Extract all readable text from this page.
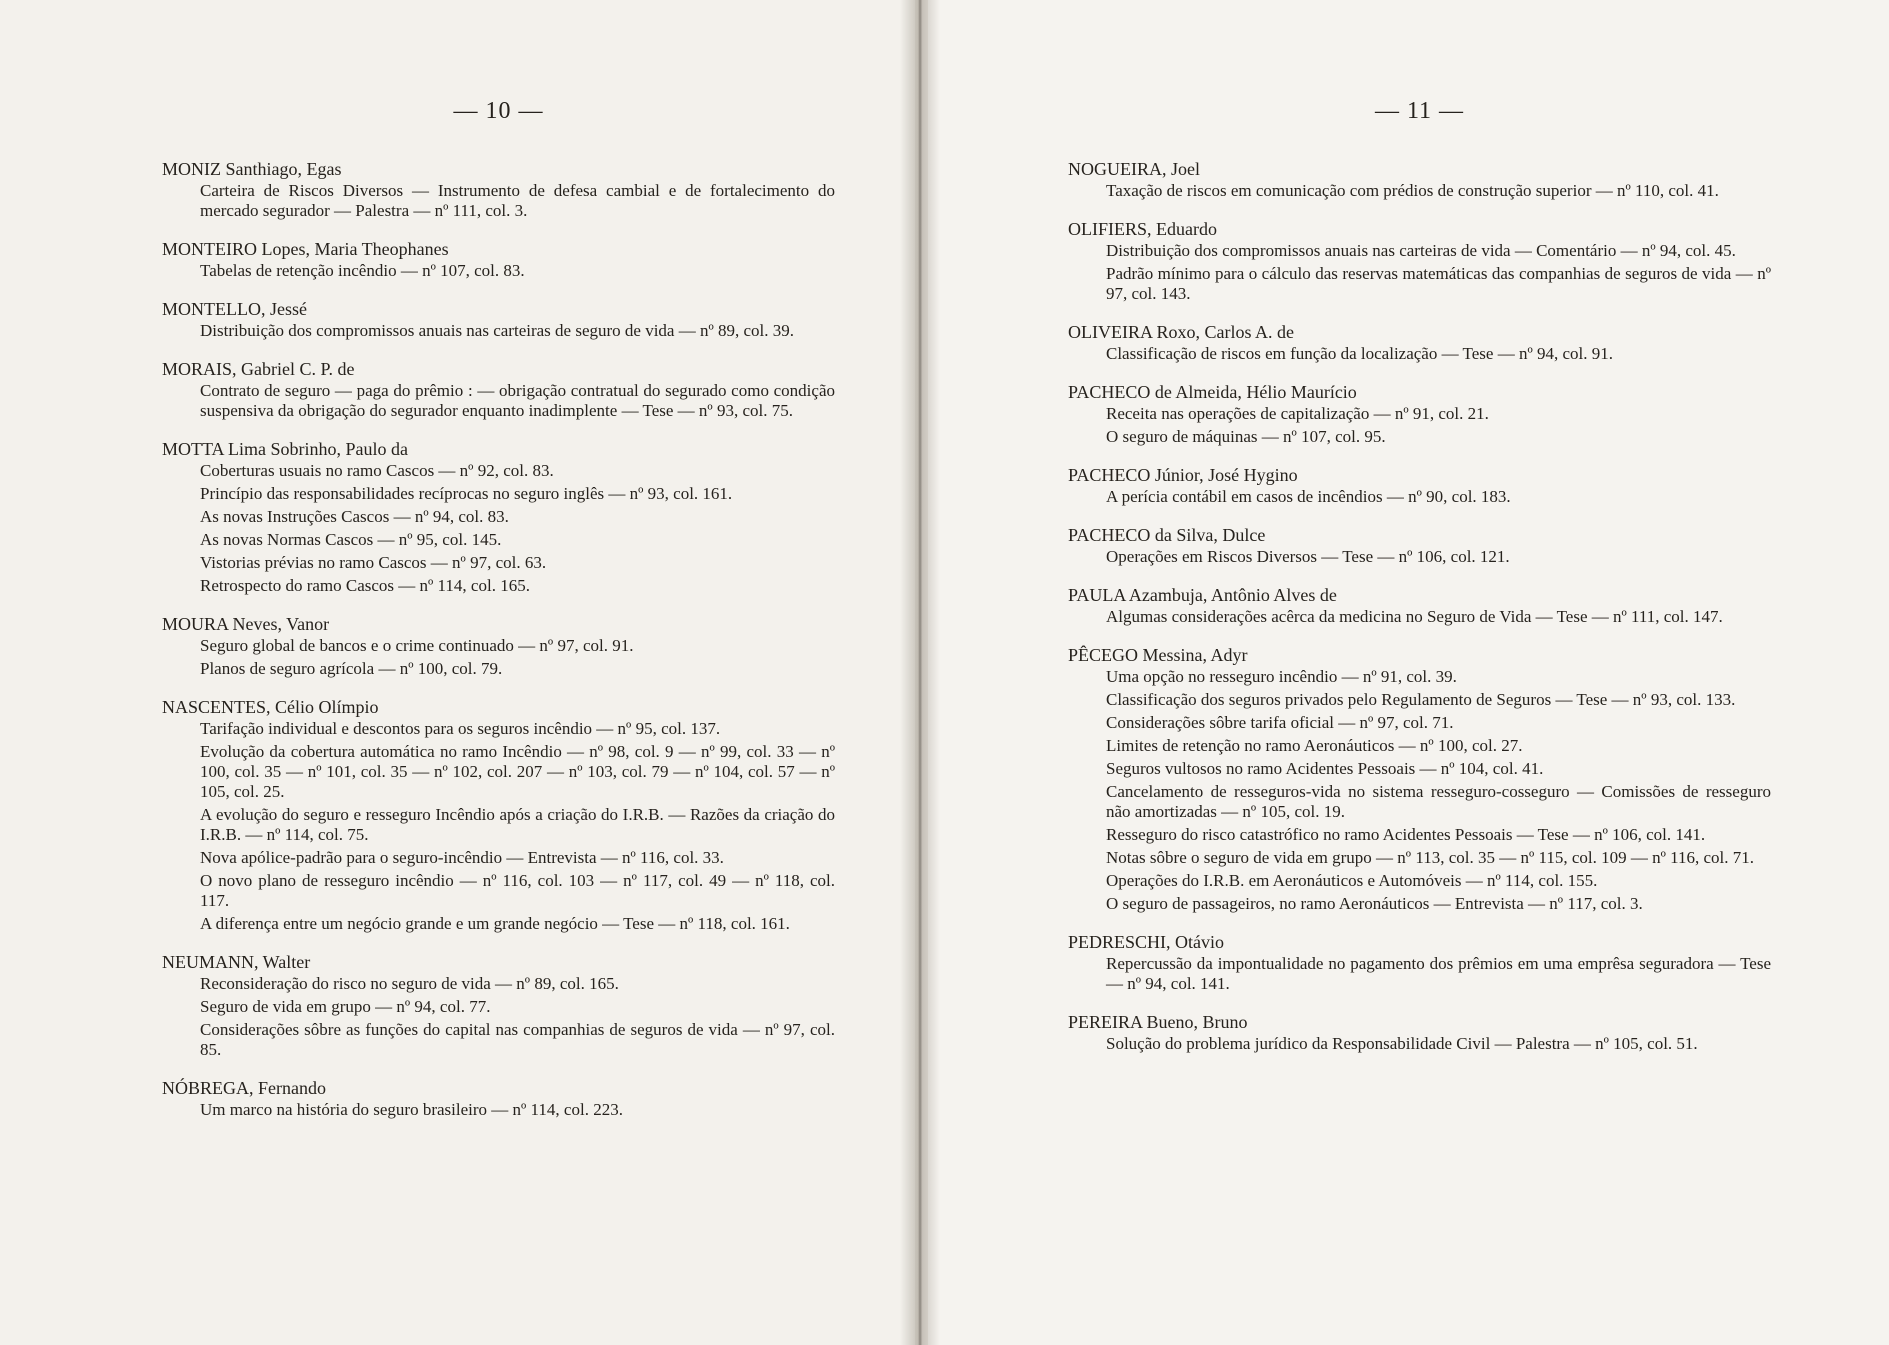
— 10 —
MONIZ Santhiago, Egas
Carteira de Riscos Diversos — Instrumento de defesa cambial e de fortalecimento do mercado segurador — Palestra — nº 111, col. 3.
MONTEIRO Lopes, Maria Theophanes
Tabelas de retenção incêndio — nº 107, col. 83.
MONTELLO, Jessé
Distribuição dos compromissos anuais nas carteiras de seguro de vida — nº 89, col. 39.
MORAIS, Gabriel C. P. de
Contrato de seguro — paga do prêmio : — obrigação contratual do segurado como condição suspensiva da obrigação do segurador enquanto inadimplente — Tese — nº 93, col. 75.
MOTTA Lima Sobrinho, Paulo da
Coberturas usuais no ramo Cascos — nº 92, col. 83.
Princípio das responsabilidades recíprocas no seguro inglês — nº 93, col. 161.
As novas Instruções Cascos — nº 94, col. 83.
As novas Normas Cascos — nº 95, col. 145.
Vistorias prévias no ramo Cascos — nº 97, col. 63.
Retrospecto do ramo Cascos — nº 114, col. 165.
MOURA Neves, Vanor
Seguro global de bancos e o crime continuado — nº 97, col. 91.
Planos de seguro agrícola — nº 100, col. 79.
NASCENTES, Célio Olímpio
Tarifação individual e descontos para os seguros incêndio — nº 95, col. 137.
Evolução da cobertura automática no ramo Incêndio — nº 98, col. 9 — nº 99, col. 33 — nº 100, col. 35 — nº 101, col. 35 — nº 102, col. 207 — nº 103, col. 79 — nº 104, col. 57 — nº 105, col. 25.
A evolução do seguro e resseguro Incêndio após a criação do I.R.B. — Razões da criação do I.R.B. — nº 114, col. 75.
Nova apólice-padrão para o seguro-incêndio — Entrevista — nº 116, col. 33.
O novo plano de resseguro incêndio — nº 116, col. 103 — nº 117, col. 49 — nº 118, col. 117.
A diferença entre um negócio grande e um grande negócio — Tese — nº 118, col. 161.
NEUMANN, Walter
Reconsideração do risco no seguro de vida — nº 89, col. 165.
Seguro de vida em grupo — nº 94, col. 77.
Considerações sôbre as funções do capital nas companhias de seguros de vida — nº 97, col. 85.
NÓBREGA, Fernando
Um marco na história do seguro brasileiro — nº 114, col. 223.
— 11 —
NOGUEIRA, Joel
Taxação de riscos em comunicação com prédios de construção superior — nº 110, col. 41.
OLIFIERS, Eduardo
Distribuição dos compromissos anuais nas carteiras de vida — Comentário — nº 94, col. 45.
Padrão mínimo para o cálculo das reservas matemáticas das companhias de seguros de vida — nº 97, col. 143.
OLIVEIRA Roxo, Carlos A. de
Classificação de riscos em função da localização — Tese — nº 94, col. 91.
PACHECO de Almeida, Hélio Maurício
Receita nas operações de capitalização — nº 91, col. 21.
O seguro de máquinas — nº 107, col. 95.
PACHECO Júnior, José Hygino
A perícia contábil em casos de incêndios — nº 90, col. 183.
PACHECO da Silva, Dulce
Operações em Riscos Diversos — Tese — nº 106, col. 121.
PAULA Azambuja, Antônio Alves de
Algumas considerações acêrca da medicina no Seguro de Vida — Tese — nº 111, col. 147.
PÊCEGO Messina, Adyr
Uma opção no resseguro incêndio — nº 91, col. 39.
Classificação dos seguros privados pelo Regulamento de Seguros — Tese — nº 93, col. 133.
Considerações sôbre tarifa oficial — nº 97, col. 71.
Limites de retenção no ramo Aeronáuticos — nº 100, col. 27.
Seguros vultosos no ramo Acidentes Pessoais — nº 104, col. 41.
Cancelamento de resseguros-vida no sistema resseguro-cosseguro — Comissões de resseguro não amortizadas — nº 105, col. 19.
Resseguro do risco catastrófico no ramo Acidentes Pessoais — Tese — nº 106, col. 141.
Notas sôbre o seguro de vida em grupo — nº 113, col. 35 — nº 115, col. 109 — nº 116, col. 71.
Operações do I.R.B. em Aeronáuticos e Automóveis — nº 114, col. 155.
O seguro de passageiros, no ramo Aeronáuticos — Entrevista — nº 117, col. 3.
PEDRESCHI, Otávio
Repercussão da impontualidade no pagamento dos prêmios em uma emprêsa seguradora — Tese — nº 94, col. 141.
PEREIRA Bueno, Bruno
Solução do problema jurídico da Responsabilidade Civil — Palestra — nº 105, col. 51.
